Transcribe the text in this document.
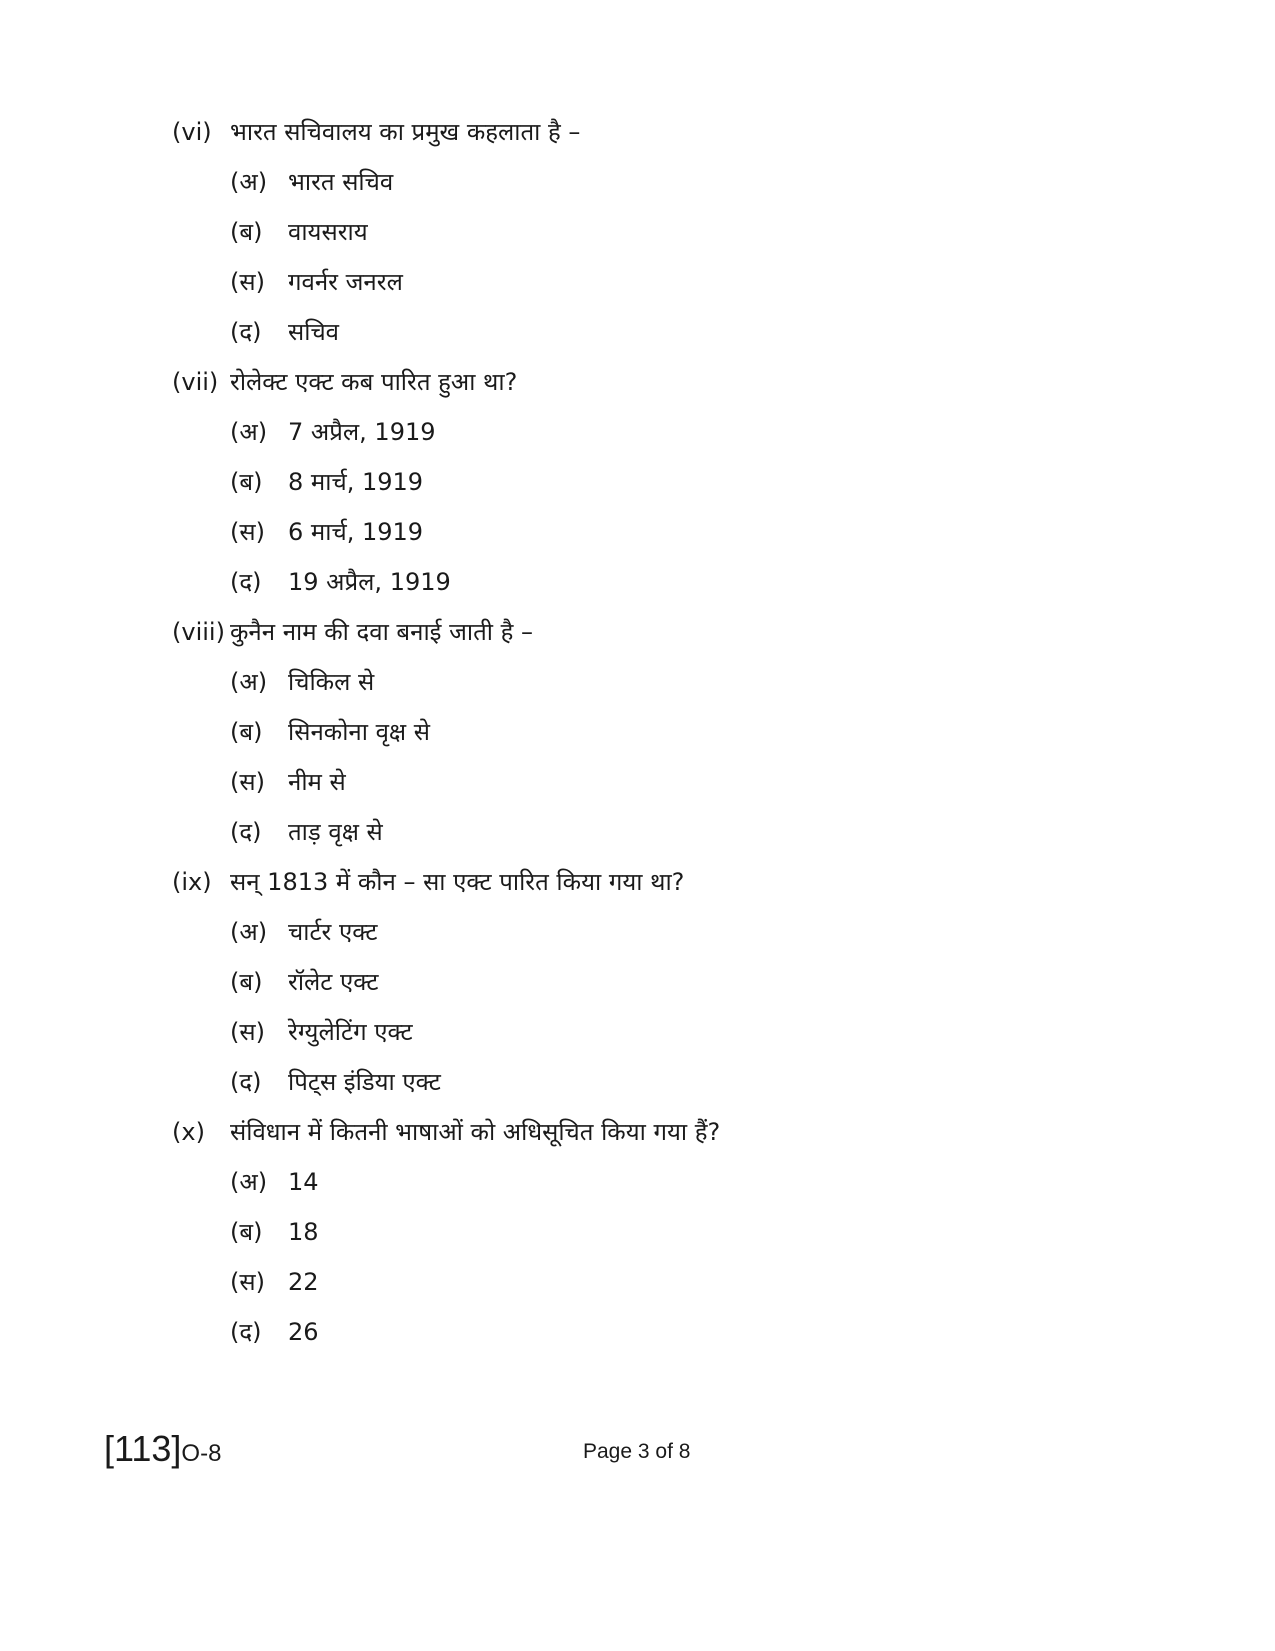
(vi) भारत सचिवालय का प्रमुख कहलाता है –
(अ) भारत सचिव
(ब) वायसराय
(स) गवर्नर जनरल
(द) सचिव
(vii) रोलेक्ट एक्ट कब पारित हुआ था?
(अ) 7 अप्रैल, 1919
(ब) 8 मार्च, 1919
(स) 6 मार्च, 1919
(द) 19 अप्रैल, 1919
(viii) कुनैन नाम की दवा बनाई जाती है –
(अ) चिकिल से
(ब) सिनकोना वृक्ष से
(स) नीम से
(द) ताड़ वृक्ष से
(ix) सन् 1813 में कौन – सा एक्ट पारित किया गया था?
(अ) चार्टर एक्ट
(ब) रॉलेट एक्ट
(स) रेग्युलेटिंग एक्ट
(द) पिट्स इंडिया एक्ट
(x) संविधान में कितनी भाषाओं को अधिसूचित किया गया हैं?
(अ) 14
(ब) 18
(स) 22
(द) 26
[113]O-8	Page 3 of 8
